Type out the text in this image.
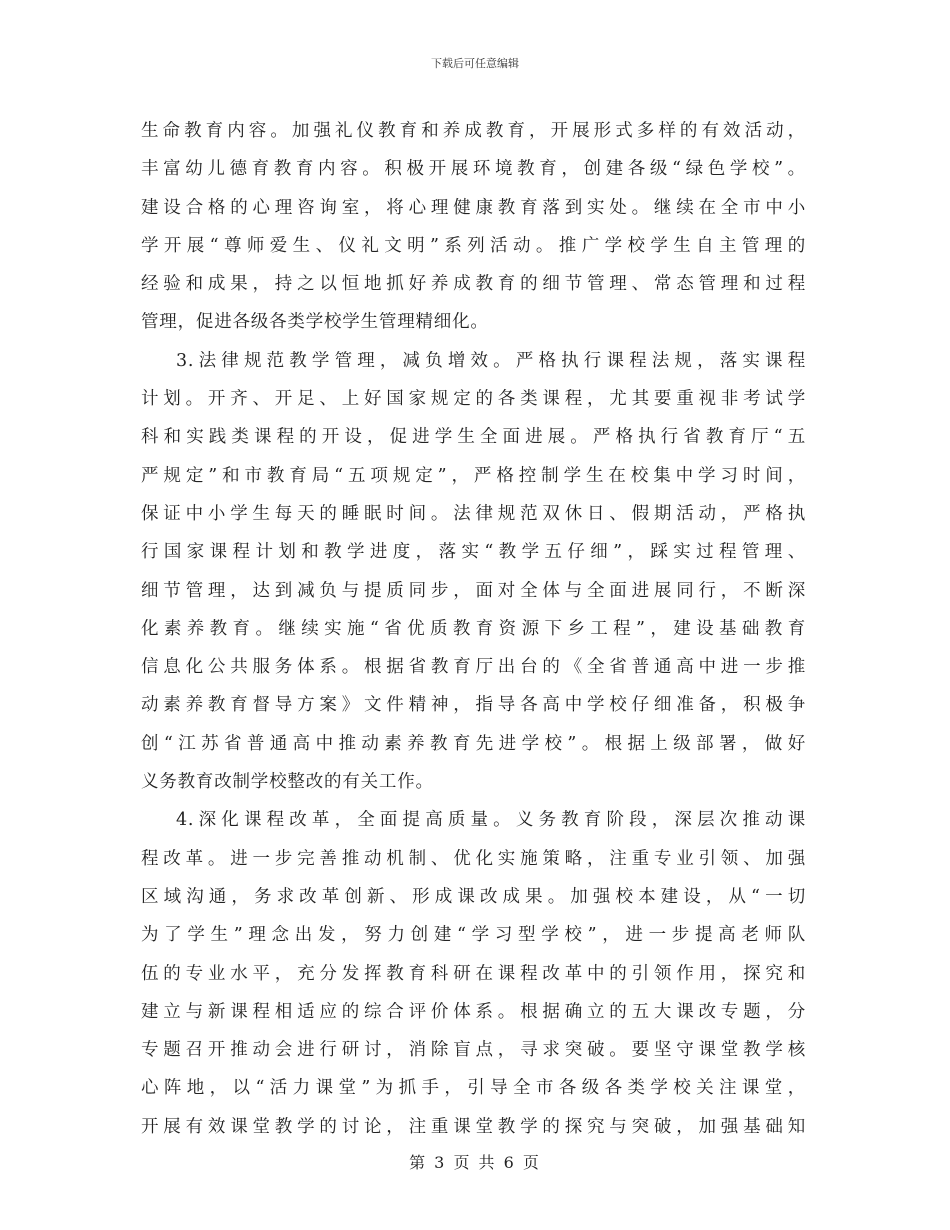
下载后可任意编辑
生命教育内容。加强礼仪教育和养成教育，开展形式多样的有效活动，
丰富幼儿德育教育内容。积极开展环境教育，创建各级“绿色学校”。
建设合格的心理咨询室，将心理健康教育落到实处。继续在全市中小
学开展“尊师爱生、仪礼文明”系列活动。推广学校学生自主管理的
经验和成果，持之以恒地抓好养成教育的细节管理、常态管理和过程
管理，促进各级各类学校学生管理精细化。
3.法律规范教学管理，减负增效。严格执行课程法规，落实课程
计划。开齐、开足、上好国家规定的各类课程，尤其要重视非考试学
科和实践类课程的开设，促进学生全面进展。严格执行省教育厅“五
严规定”和市教育局“五项规定”，严格控制学生在校集中学习时间，
保证中小学生每天的睡眠时间。法律规范双休日、假期活动，严格执
行国家课程计划和教学进度，落实“教学五仔细”，踩实过程管理、
细节管理，达到减负与提质同步，面对全体与全面进展同行，不断深
化素养教育。继续实施“省优质教育资源下乡工程”，建设基础教育
信息化公共服务体系。根据省教育厅出台的《全省普通高中进一步推
动素养教育督导方案》文件精神，指导各高中学校仔细准备，积极争
创“江苏省普通高中推动素养教育先进学校”。根据上级部署，做好
义务教育改制学校整改的有关工作。
4.深化课程改革，全面提高质量。义务教育阶段，深层次推动课
程改革。进一步完善推动机制、优化实施策略，注重专业引领、加强
区域沟通，务求改革创新、形成课改成果。加强校本建设，从“一切
为了学生”理念出发，努力创建“学习型学校”，进一步提高老师队
伍的专业水平，充分发挥教育科研在课程改革中的引领作用，探究和
建立与新课程相适应的综合评价体系。根据确立的五大课改专题，分
专题召开推动会进行研讨，消除盲点，寻求突破。要坚守课堂教学核
心阵地，以“活力课堂”为抓手，引导全市各级各类学校关注课堂，
开展有效课堂教学的讨论，注重课堂教学的探究与突破，加强基础知
第 3 页 共 6 页
